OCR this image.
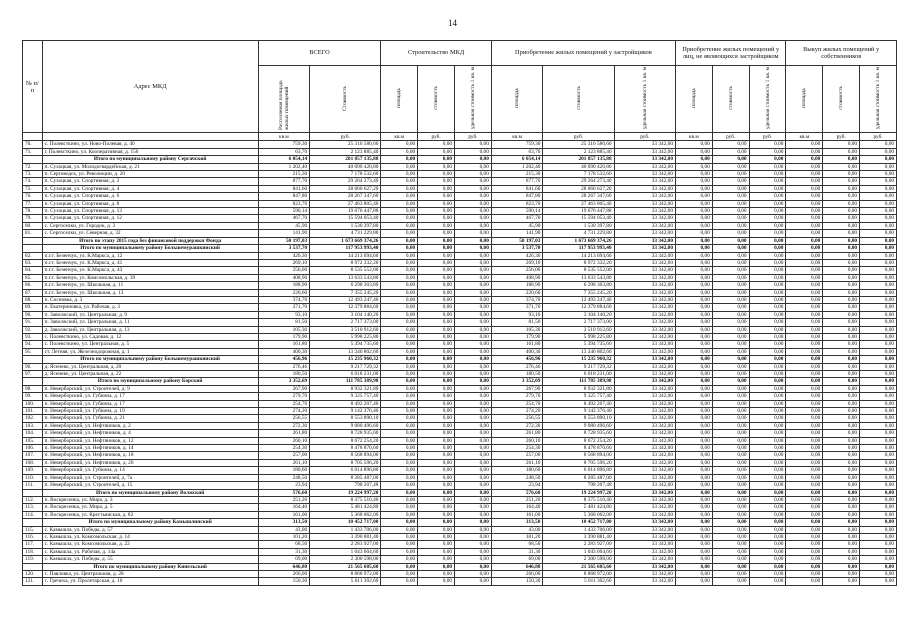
14
№ п/п	Адрес МКД	ВСЕГО		Строительство МКД			Приобретение жилых помещений у застройщиков			Приобретение жилых помещений у лиц, не являющихся застройщиком			Выкуп жилых помещений у собственников		
		Расселяемая площадь жилых помещений	Стоимость	площадь	стоимость	удельная стоимость 1 кв. м	площадь	стоимость	удельная стоимость 1 кв. м	площадь	стоимость	удельная стоимость 1 кв. м	площадь	стоимость	удельная стоимость 1 кв. м
		кв.м	руб.	кв.м	руб.	руб.	кв.м	руб.	руб.	кв.м	руб.	руб.	кв.м	руб.	руб.
70.	с. Полевсткино, ул. Ново-Полевая, д. 40	759,30	25 316 580,60	0,00	0,00	0,00	759,30	25 316 580,60	33 342,00	0,00	0,00	0,00	0,00	0,00	0,00
71.	г. Полевсткино, ул. Кооперативная, д. 156	63,70	2 123 885,40	0,00	0,00	0,00	63,70	2 123 885,40	33 342,00	0,00	0,00	0,00	0,00	0,00	0,00
	Итого по муниципальному району Сергачский	6 054,14	201 857 135,88	0,00	0,00	0,00	6 054,14	201 857 135,88	33 342,00	0,00	0,00	0,00	0,00	0,00	0,00
72.	п. Сухоцкая, ул. Молодогвардейская, д. 21	1 202,40	40 090 420,80	0,00	0,00	0,00	1 202,40	40 090 420,80	33 342,00	0,00	0,00	0,00	0,00	0,00	0,00
73.	п. Серговодск, ул. Революции, д. 20	215,30	7 178 532,60	0,00	0,00	0,00	215,30	7 178 532,60	33 342,00	0,00	0,00	0,00	0,00	0,00	0,00
74.	п. Сухоцкая, ул. Спортивная, д. 2	877,70	29 264 273,40	0,00	0,00	0,00	877,70	29 264 273,40	33 342,00	0,00	0,00	0,00	0,00	0,00	0,00
75.	п. Сухоцкая, ул. Спортивная, д. 4	841,60	28 060 627,20	0,00	0,00	0,00	841,60	28 060 627,20	33 342,00	0,00	0,00	0,00	0,00	0,00	0,00
76.	п. Сухоцкая, ул. Спортивная, д. 6	847,80	28 267 347,60	0,00	0,00	0,00	847,80	28 267 347,60	33 342,00	0,00	0,00	0,00	0,00	0,00	0,00
77.	п. Сухоцкая, ул. Спортивная, д. 8	823,70	27 463 805,40	0,00	0,00	0,00	823,70	27 463 805,40	33 342,00	0,00	0,00	0,00	0,00	0,00	0,00
78.	п. Сухоцкая, ул. Спортивная, д. 13	590,14	19 676 447,88	0,00	0,00	0,00	590,14	19 676 447,88	33 342,00	0,00	0,00	0,00	0,00	0,00	0,00
79.	п. Сухоцкая, ул. Спортивная, д. 12	467,70	15 594 053,40	0,00	0,00	0,00	467,70	15 594 053,40	33 342,00	0,00	0,00	0,00	0,00	0,00	0,00
80.	с. Сергоселки, ул. Городок, д. 3	45,90	1 530 397,80	0,00	0,00	0,00	45,90	1 530 397,80	33 342,00	0,00	0,00	0,00	0,00	0,00	0,00
81.	с. Сергоселки, ул. Северная, д. 32	141,90	4 731 229,80	0,00	0,00	0,00	141,90	4 731 229,80	33 342,00	0,00	0,00	0,00	0,00	0,00	0,00
	Итого по этапу 2015 года без финансовой поддержки Фонда	50 197,03	1 673 669 374,26	0,00	0,00	0,00	50 197,03	1 673 669 374,26	33 342,00	0,00	0,00	0,00	0,00	0,00	0,00
	Итого по муниципальному району Большемурашкинский	3 537,70	117 953 993,40	0,00	0,00	0,00	3 537,70	117 953 993,40	33 342,00	0,00	0,00	0,00	0,00	0,00	0,00
82.	п.г.т. Безенчук, ул. К.Маркса, д. 12	426,30	14 213 694,60	0,00	0,00	0,00	426,30	14 213 694,60	33 342,00	0,00	0,00	0,00	0,00	0,00	0,00
83.	п.г.т. Безенчук, ул. К.Маркса, д. 41	269,10	8 972 332,20	0,00	0,00	0,00	269,10	8 972 332,20	33 342,00	0,00	0,00	0,00	0,00	0,00	0,00
84.	п.г.т. Безенчук, ул. К.Маркса, д. 43	256,00	8 535 552,00	0,00	0,00	0,00	256,00	8 535 552,00	33 342,00	0,00	0,00	0,00	0,00	0,00	0,00
85.	п.г.т. Безенчук, ул. Комсомольская, д. 39	408,90	13 633 543,80	0,00	0,00	0,00	408,90	13 633 543,80	33 342,00	0,00	0,00	0,00	0,00	0,00	0,00
86.	п.г.т. Безенчук, ул. Школьная, д. 11	188,90	6 298 303,80	0,00	0,00	0,00	188,90	6 298 303,80	33 342,00	0,00	0,00	0,00	0,00	0,00	0,00
87.	п.г.т. Безенчук, ул. Школьная, д. 13	220,60	7 355 245,20	0,00	0,00	0,00	220,60	7 355 245,20	33 342,00	0,00	0,00	0,00	0,00	0,00	0,00
88.	п. Сосновка, д. 3	374,70	12 493 247,40	0,00	0,00	0,00	374,70	12 493 247,40	33 342,00	0,00	0,00	0,00	0,00	0,00	0,00
89.	п. Екатериновка, ул. Рабочая, д. 3	371,70	12 379 884,60	0,00	0,00	0,00	371,70	12 379 884,60	33 342,00	0,00	0,00	0,00	0,00	0,00	0,00
90.	п. Заволжский, ул. Центральная, д. 9	93,10	3 104 140,20	0,00	0,00	0,00	93,10	3 104 140,20	33 342,00	0,00	0,00	0,00	0,00	0,00	0,00
91.	п. Заволжский, ул. Центральная, д. 11	81,50	2 717 373,00	0,00	0,00	0,00	81,50	2 717 373,00	33 342,00	0,00	0,00	0,00	0,00	0,00	0,00
92.	д. Заволжский, ул. Центральная, д. 13	105,30	3 510 912,60	0,00	0,00	0,00	105,30	3 510 912,60	33 342,00	0,00	0,00	0,00	0,00	0,00	0,00
93.	с. Полевсткино, ул. Садовая, д. 12	179,90	5 998 225,80	0,00	0,00	0,00	179,90	5 998 225,80	33 342,00	0,00	0,00	0,00	0,00	0,00	0,00
94.	с. Полевсткино, ул. Центральная, д. 5	161,80	5 394 735,60	0,00	0,00	0,00	161,80	5 394 735,60	33 342,00	0,00	0,00	0,00	0,00	0,00	0,00
95.	ст. Летняя, ул. Железнодорожная, д. 1	400,30	13 346 802,60	0,00	0,00	0,00	400,30	13 346 802,60	33 342,00	0,00	0,00	0,00	0,00	0,00	0,00
	Итого по муниципальному району Большемурашкинский	456,96	15 235 960,32	0,00	0,00	0,00	456,96	15 235 960,32	33 342,00	0,00	0,00	0,00	0,00	0,00	0,00
96.	д. Ясенево, ул. Центральная, д. 20	276,46	9 217 729,32	0,00	0,00	0,00	276,46	9 217 729,32	33 342,00	0,00	0,00	0,00	0,00	0,00	0,00
97.	д. Ясенево, ул. Центральная, д. 22	180,50	6 018 231,00	0,00	0,00	0,00	180,50	6 018 231,00	33 342,00	0,00	0,00	0,00	0,00	0,00	0,00
	Итого по муниципальному району Борский	3 352,69	111 785 389,98	0,00	0,00	0,00	3 352,69	111 785 389,98	33 342,00	0,00	0,00	0,00	0,00	0,00	0,00
98.	п. Неверборский, ул. Строителей, д. 9	267,90	8 932 321,80	0,00	0,00	0,00	267,90	8 932 321,80	33 342,00	0,00	0,00	0,00	0,00	0,00	0,00
99.	п. Неверборский, ул. Губкина, д. 17	279,70	9 325 757,40	0,00	0,00	0,00	279,70	9 325 757,40	33 342,00	0,00	0,00	0,00	0,00	0,00	0,00
100.	п. Неверборский, ул. Губкина, д. 17	254,70	8 492 207,40	0,00	0,00	0,00	254,70	8 492 207,40	33 342,00	0,00	0,00	0,00	0,00	0,00	0,00
101.	п. Неверборский, ул. Губкина, д. 19	274,20	9 142 376,40	0,00	0,00	0,00	274,20	9 142 376,40	33 342,00	0,00	0,00	0,00	0,00	0,00	0,00
102.	п. Неверборский, ул. Губкина, д. 21	256,55	8 553 890,10	0,00	0,00	0,00	256,55	8 553 890,10	33 342,00	0,00	0,00	0,00	0,00	0,00	0,00
103.	п. Неверборский, ул. Нефтяников, д. 2	272,30	9 080 496,60	0,00	0,00	0,00	272,30	9 080 496,60	33 342,00	0,00	0,00	0,00	0,00	0,00	0,00
104.	п. Неверборский, ул. Нефтяников, д. 4	261,80	8 728 935,60	0,00	0,00	0,00	261,80	8 728 935,60	33 342,00	0,00	0,00	0,00	0,00	0,00	0,00
105.	п. Неверборский, ул. Нефтяников, д. 12	260,10	8 672 254,20	0,00	0,00	0,00	260,10	8 672 254,20	33 342,00	0,00	0,00	0,00	0,00	0,00	0,00
106.	п. Неверборский, ул. Нефтяников, д. 14	254,30	8 478 870,60	0,00	0,00	0,00	254,30	8 478 870,60	33 342,00	0,00	0,00	0,00	0,00	0,00	0,00
107.	п. Неверборский, ул. Нефтяников, д. 18	257,00	8 568 894,00	0,00	0,00	0,00	257,00	8 568 894,00	33 342,00	0,00	0,00	0,00	0,00	0,00	0,00
108.	п. Неверборский, ул. Нефтяников, д. 20	261,10	8 705 596,20	0,00	0,00	0,00	261,10	8 705 596,20	33 342,00	0,00	0,00	0,00	0,00	0,00	0,00
109.	п. Неверборский, ул. Губкина, д. 14	180,60	6 014 896,80	0,00	0,00	0,00	180,60	6 014 896,80	33 342,00	0,00	0,00	0,00	0,00	0,00	0,00
110.	п. Неверборский, ул. Строителей, д. 7а	248,50	8 285 487,00	0,00	0,00	0,00	248,50	8 285 487,00	33 342,00	0,00	0,00	0,00	0,00	0,00	0,00
111.	п. Неверборский, ул. Строителей, д. 15	23,94	798 207,48	0,00	0,00	0,00	23,94	798 207,48	33 342,00	0,00	0,00	0,00	0,00	0,00	0,00
	Итого по муниципальному району Волжский	576,60	19 224 997,20	0,00	0,00	0,00	576,60	19 224 997,20	33 342,00	0,00	0,00	0,00	0,00	0,00	0,00
112.	п. Воскресенка, ул. Мира, д. 3	251,20	8 375 510,40	0,00	0,00	0,00	251,20	8 375 510,40	33 342,00	0,00	0,00	0,00	0,00	0,00	0,00
113.	п. Воскресенка, ул. Мира, д. 5	164,40	5 481 424,80	0,00	0,00	0,00	164,40	5 481 424,80	33 342,00	0,00	0,00	0,00	0,00	0,00	0,00
114.	п. Воскресенка, ул. Крестьянская, д. 82	161,00	5 368 062,00	0,00	0,00	0,00	161,00	5 368 062,00	33 342,00	0,00	0,00	0,00	0,00	0,00	0,00
	Итого по муниципальному району Камышлинский	313,50	10 452 717,00	0,00	0,00	0,00	313,50	10 452 717,00	33 342,00	0,00	0,00	0,00	0,00	0,00	0,00
115.	с. Камышла, ул. Победы, д. 57	43,00	1 433 706,00	0,00	0,00	0,00	43,00	1 433 706,00	33 342,00	0,00	0,00	0,00	0,00	0,00	0,00
116.	с. Камышла, ул. Комсомольская, д. 14	101,20	3 390 881,40	0,00	0,00	0,00	101,20	3 390 881,40	33 342,00	0,00	0,00	0,00	0,00	0,00	0,00
117.	с. Камышла, ул. Комсомольская, д. 22	68,50	2 283 927,00	0,00	0,00	0,00	68,50	2 283 927,00	33 342,00	0,00	0,00	0,00	0,00	0,00	0,00
118.	с. Камышла, ул. Рабочая, д. 14а	31,30	1 043 604,60	0,00	0,00	0,00	31,30	1 043 604,60	33 342,00	0,00	0,00	0,00	0,00	0,00	0,00
119.	с. Камышла, ул. Победы, д. 55	69,00	2 300 598,00	0,00	0,00	0,00	69,00	2 300 598,00	33 342,00	0,00	0,00	0,00	0,00	0,00	0,00
	Итого по муниципальному району Кинельский	646,80	21 565 605,60	0,00	0,00	0,00	646,80	21 565 605,60	33 342,00	0,00	0,00	0,00	0,00	0,00	0,00
120.	с. Павловка, ул. Центральная, д. 28	266,00	8 868 972,00	0,00	0,00	0,00	266,00	8 868 972,00	33 342,00	0,00	0,00	0,00	0,00	0,00	0,00
121.	с. Гречиха, ул. Пролетарская, д. 10	150,30	5 011 302,60	0,00	0,00	0,00	150,30	5 011 302,60	33 342,00	0,00	0,00	0,00	0,00	0,00	0,00
